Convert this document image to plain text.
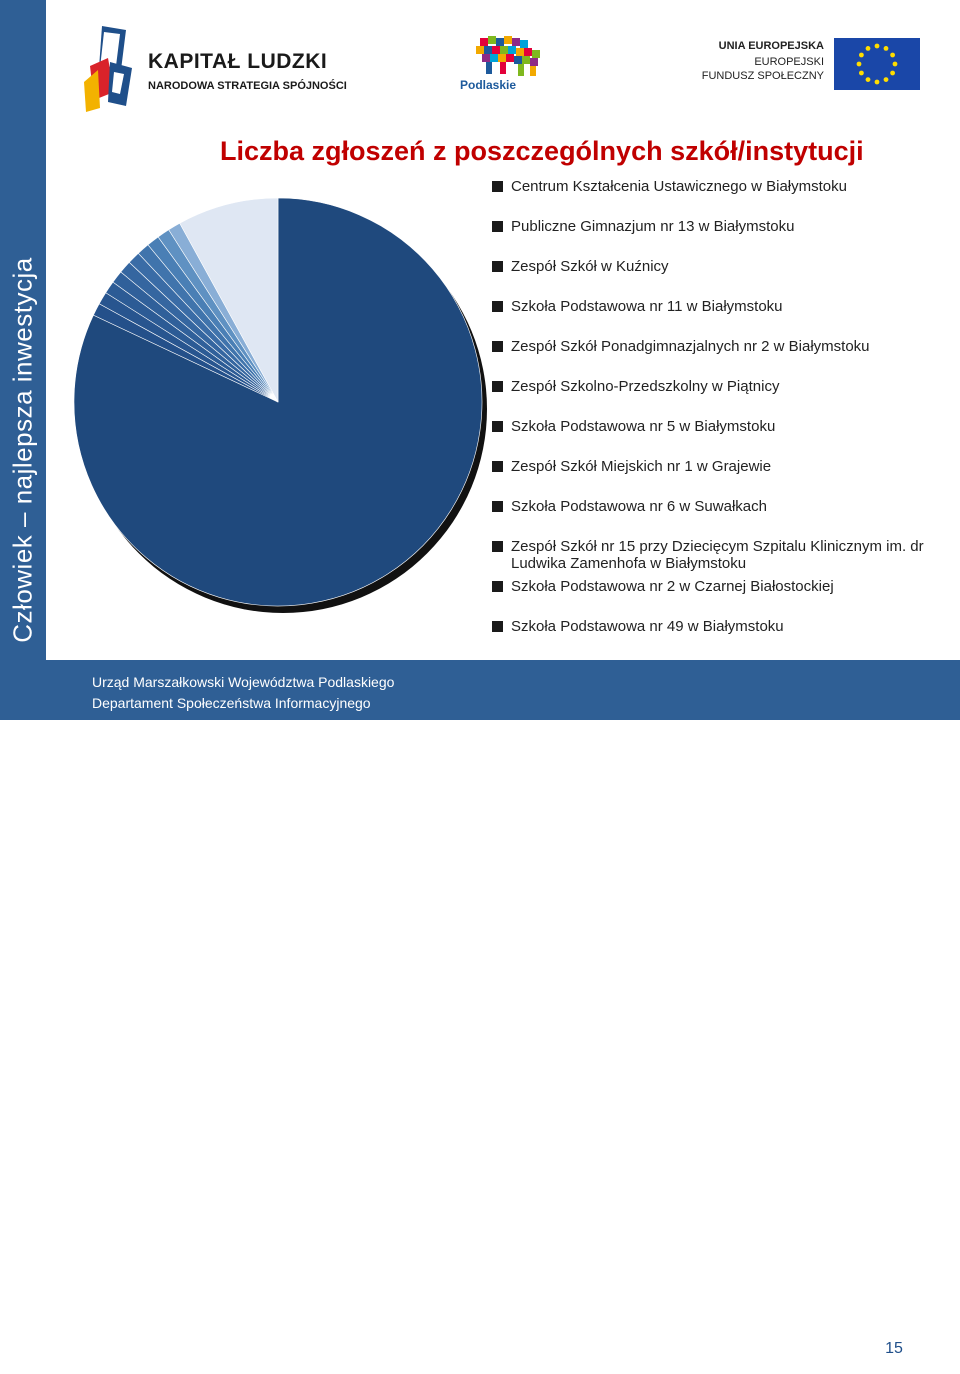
Człowiek – najlepsza inwestycja
KAPITAŁ LUDZKI
NARODOWA STRATEGIA SPÓJNOŚCI	Podlaskie
UNIA EUROPEJSKA
EUROPEJSKI
FUNDUSZ SPOŁECZNY
Liczba zgłoszeń z poszczególnych szkół/instytucji
Centrum Kształcenia Ustawicznego w Białymstoku
Publiczne Gimnazjum nr 13 w Białymstoku
Zespół Szkół w Kuźnicy
Szkoła Podstawowa nr 11 w Białymstoku
Zespół Szkół Ponadgimnazjalnych nr 2 w Białymstoku
Zespół Szkolno-Przedszkolny w Piątnicy
Szkoła Podstawowa nr 5 w Białymstoku
Zespół Szkół Miejskich nr 1 w Grajewie
Szkoła Podstawowa nr 6 w Suwałkach
Zespół Szkół nr 15 przy Dziecięcym Szpitalu Klinicznym im. dr Ludwika Zamenhofa w Białymstoku
Szkoła Podstawowa nr 2 w Czarnej Białostockiej
Szkoła Podstawowa nr 49 w Białymstoku
Urząd Marszałkowski Województwa Podlaskiego
Departament Społeczeństwa Informacyjnego
15
